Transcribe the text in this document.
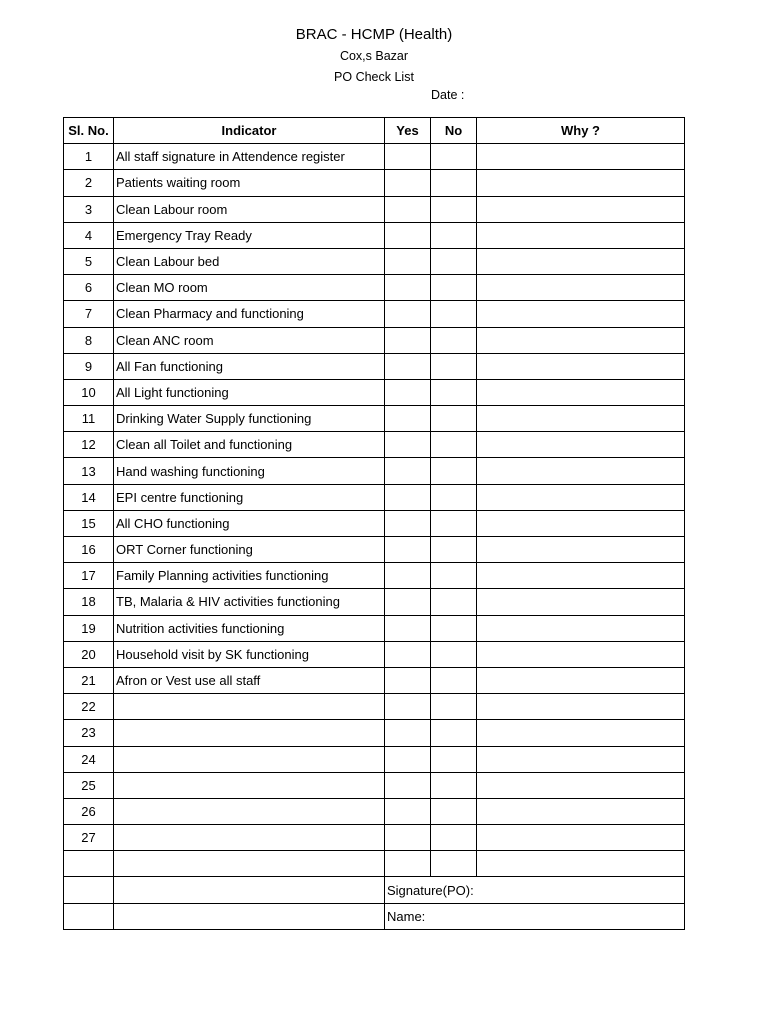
BRAC - HCMP (Health)
Cox,s Bazar
PO Check List
Date :
Sl. No.	Indicator	Yes	No	Why ?
1	All staff signature in Attendence register			
2	Patients waiting room			
3	Clean Labour room			
4	Emergency Tray Ready			
5	Clean Labour bed			
6	Clean MO room			
7	Clean Pharmacy and functioning			
8	Clean ANC room			
9	All Fan functioning			
10	All Light functioning			
11	Drinking Water Supply functioning			
12	Clean all Toilet and functioning			
13	Hand washing functioning			
14	EPI centre functioning			
15	All CHO functioning			
16	ORT Corner functioning			
17	Family Planning activities functioning			
18	TB, Malaria & HIV activities functioning			
19	Nutrition activities functioning			
20	Household visit by SK functioning			
21	Afron or Vest use all staff			
22				
23				
24				
25				
26				
27				

		Signature(PO):		
		Name:		
